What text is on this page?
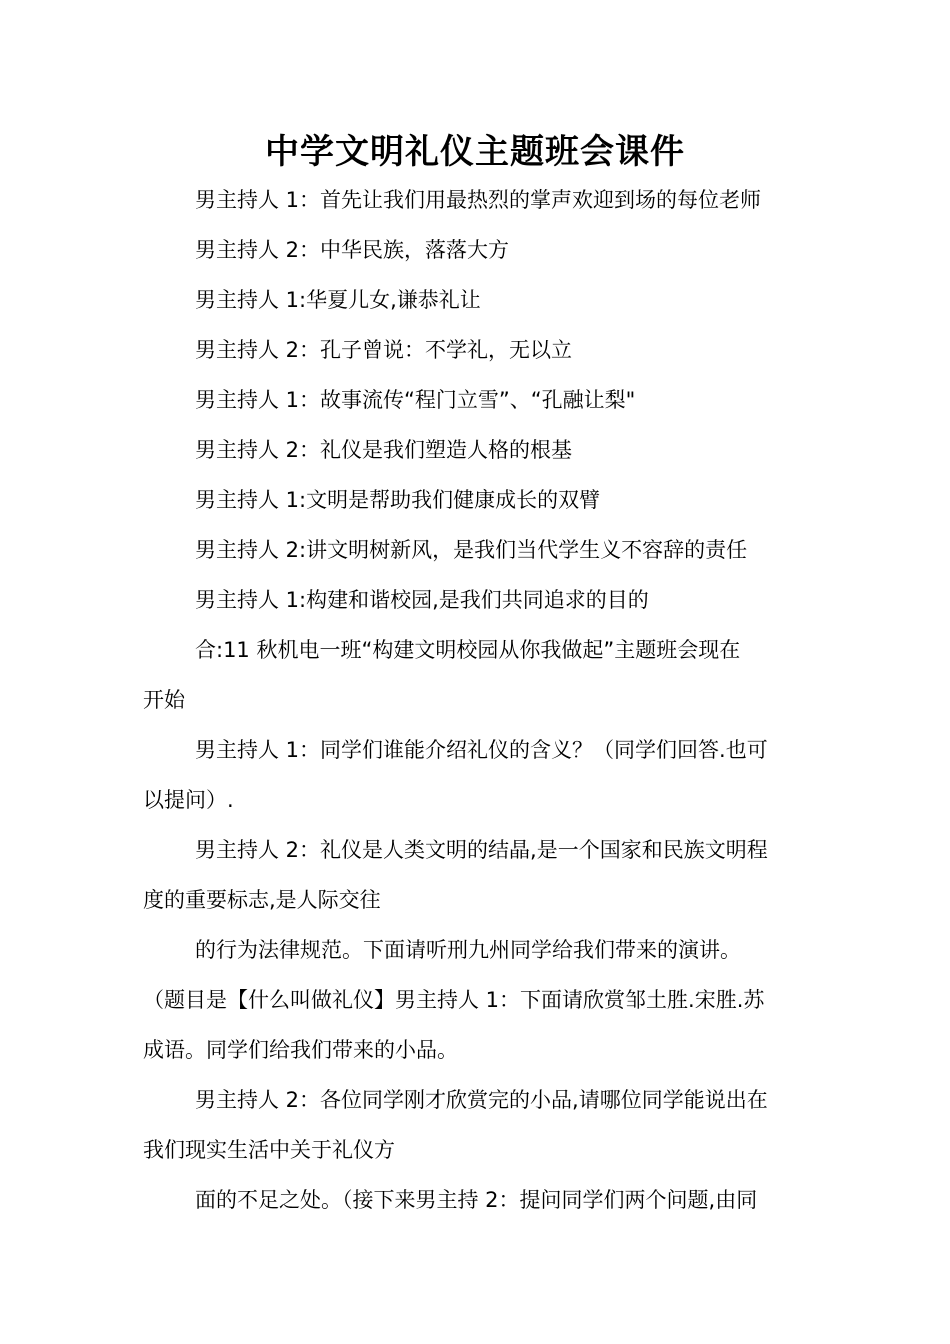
中学文明礼仪主题班会课件
男主持人 1：首先让我们用最热烈的掌声欢迎到场的每位老师
男主持人 2：中华民族，落落大方
男主持人 1:华夏儿女,谦恭礼让
男主持人 2：孔子曾说：不学礼，无以立
男主持人 1：故事流传“程门立雪”、“孔融让梨"
男主持人 2：礼仪是我们塑造人格的根基
男主持人 1:文明是帮助我们健康成长的双臂
男主持人 2:讲文明树新风，是我们当代学生义不容辞的责任
男主持人 1:构建和谐校园,是我们共同追求的目的
合:11 秋机电一班“构建文明校园从你我做起”主题班会现在
开始
男主持人 1：同学们谁能介绍礼仪的含义？（同学们回答.也可
以提问）.
男主持人 2：礼仪是人类文明的结晶,是一个国家和民族文明程
度的重要标志,是人际交往
的行为法律规范。下面请听刑九州同学给我们带来的演讲。
（题目是【什么叫做礼仪】男主持人 1：下面请欣赏邹土胜.宋胜.苏
成语。同学们给我们带来的小品。
男主持人 2：各位同学刚才欣赏完的小品,请哪位同学能说出在
我们现实生活中关于礼仪方
面的不足之处。（接下来男主持 2：提问同学们两个问题,由同
